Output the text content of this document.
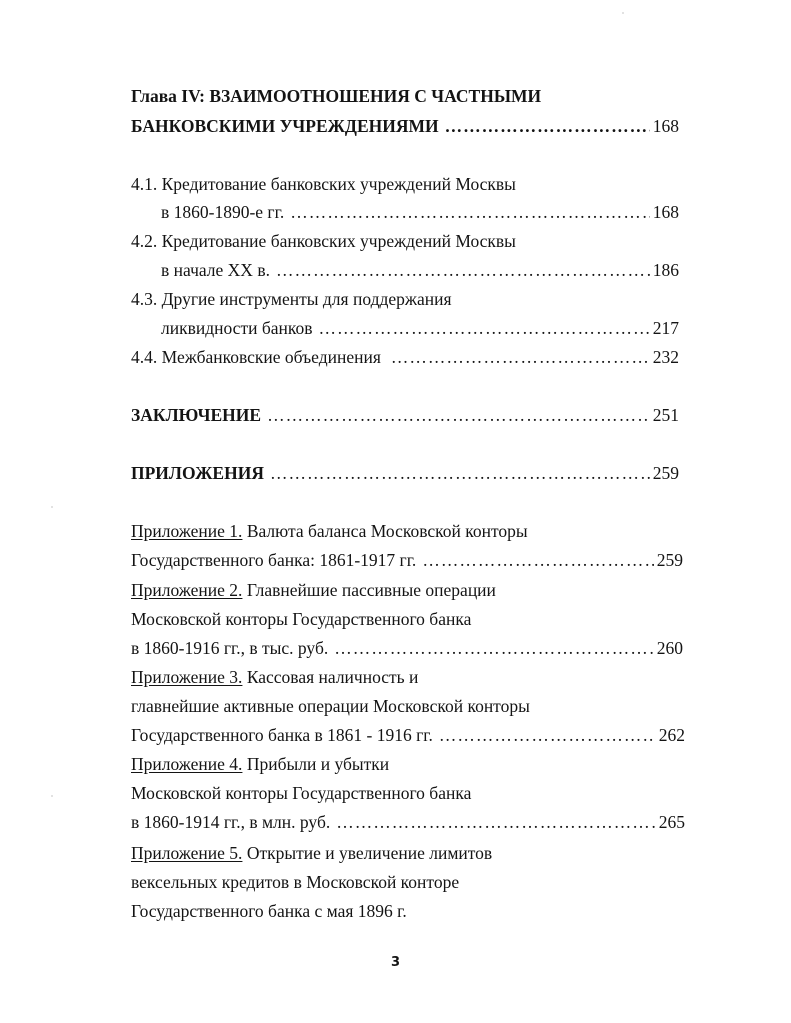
Глава IV: ВЗАИМООТНОШЕНИЯ С ЧАСТНЫМИ
БАНКОВСКИМИ УЧРЕЖДЕНИЯМИ …………………………………………………………………………………………………………………………………………………………	168
4.1. Кредитование банковских учреждений Москвы
в 1860-1890-е гг. …………………………………………………………………………………………………………………………………………………………	168
4.2. Кредитование банковских учреждений Москвы
в начале XX в. …………………………………………………………………………………………………………………………………………………………	186
4.3. Другие инструменты для поддержания
ликвидности банков …………………………………………………………………………………………………………………………………………………………	217
4.4. Межбанковские объединения …………………………………………………………………………………………………………………………………………………………	232
ЗАКЛЮЧЕНИЕ …………………………………………………………………………………………………………………………………………………………	251
ПРИЛОЖЕНИЯ …………………………………………………………………………………………………………………………………………………………	259
Приложение 1. Валюта баланса Московской конторы
Государственного банка: 1861-1917 гг. …………………………………………………………………………………………………………………………………………………………	259
Приложение 2. Главнейшие пассивные операции
Московской конторы Государственного банка
в 1860-1916 гг., в тыс. руб. …………………………………………………………………………………………………………………………………………………………	260
Приложение 3. Кассовая наличность и
главнейшие активные операции Московской конторы
Государственного банка в 1861 - 1916 гг. …………………………………………………………………………………………………………………………………………………………	262
Приложение 4. Прибыли и убытки
Московской конторы Государственного банка
в 1860-1914 гг., в млн. руб. …………………………………………………………………………………………………………………………………………………………	265
Приложение 5. Открытие и увеличение лимитов
вексельных кредитов в Московской конторе
Государственного банка с мая 1896 г.
3
